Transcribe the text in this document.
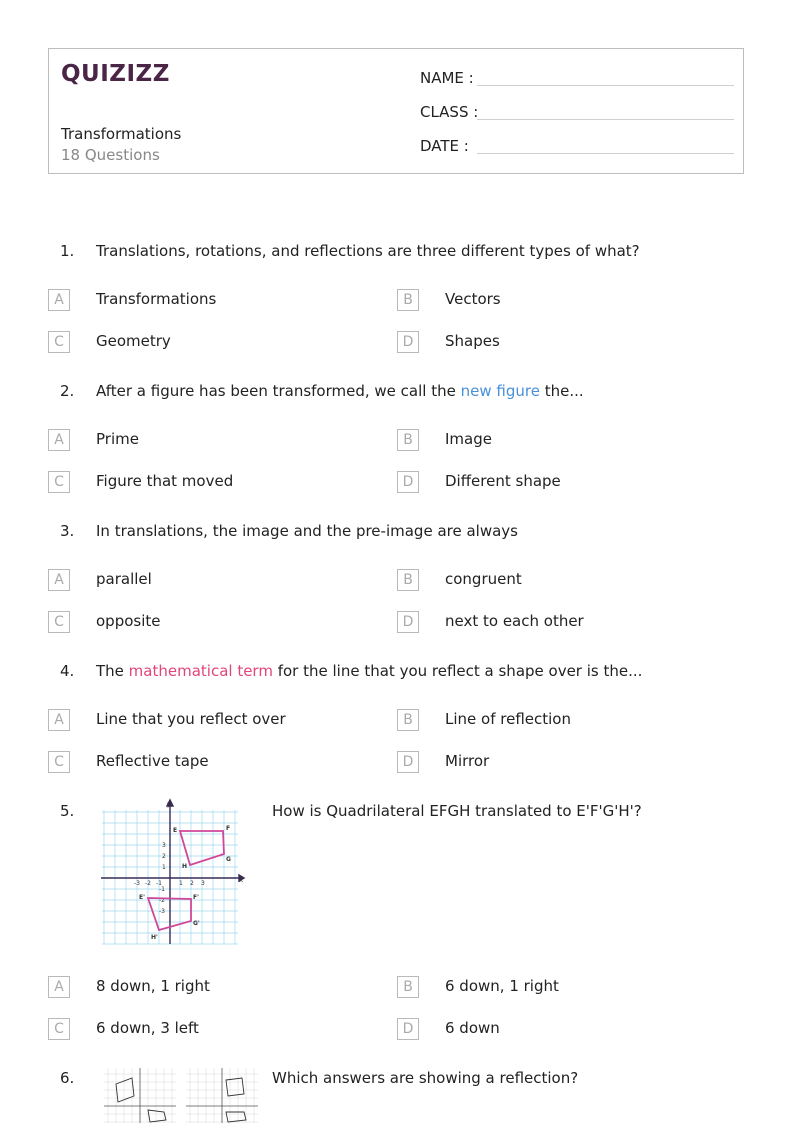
QUIZIZZ
Transformations
18 Questions
NAME :
CLASS :
DATE :
1. Translations, rotations, and reflections are three different types of what?
A	Transformations	B	Vectors
C	Geometry	D	Shapes
2. After a figure has been transformed, we call the new figure the...
A	Prime	B	Image
C	Figure that moved	D	Different shape
3. In translations, the image and the pre-image are always
A	parallel	B	congruent
C	opposite	D	next to each other
4. The mathematical term for the line that you reflect a shape over is the...
A	Line that you reflect over	B	Line of reflection
C	Reflective tape	D	Mirror
5.	How is Quadrilateral EFGH translated to E'F'G'H'?
x
y
-3 -2 -1	1 2 3
3
2
1
-1
-2
-3
E	F
G
H
E'	F'
G'
H'
A	8 down, 1 right	B	6 down, 1 right
C	6 down, 3 left	D	6 down
6.	Which answers are showing a reflection?
